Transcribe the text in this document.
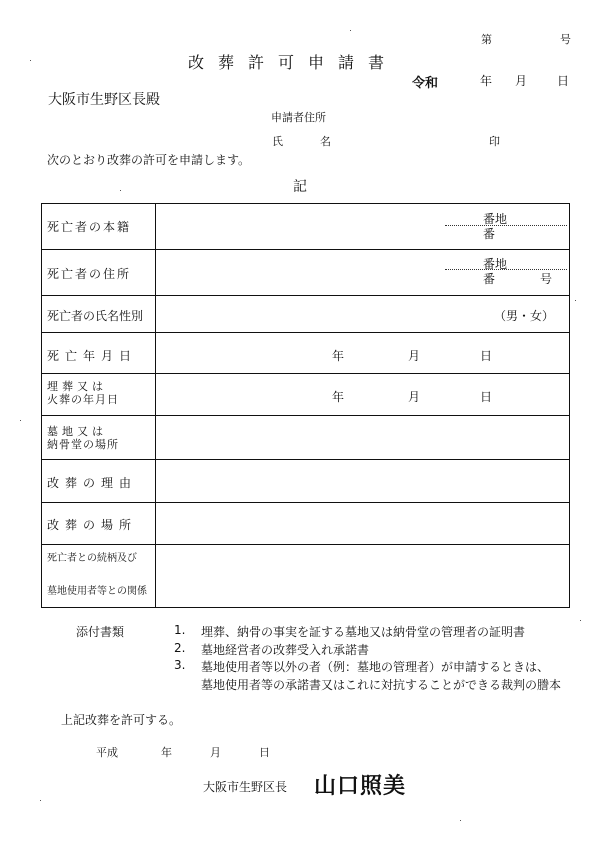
第	号
改葬許可申請書
令和	年 月 日
大阪市生野区長殿
申請者住所
氏	名	印
次のとおり改葬の許可を申請します。
記
死亡者の本籍
番地
番
死亡者の住所
番地
番	号
死亡者の氏名性別	（男・女）
死亡年月日	年	月	日
埋葬又は
火葬の年月日	年	月	日
墓地又は
納骨堂の場所
改葬の理由
改葬の場所
死亡者との続柄及び
墓地使用者等との関係
添付書類	1. 埋葬、納骨の事実を証する墓地又は納骨堂の管理者の証明書
2. 墓地経営者の改葬受入れ承諾書
3. 墓地使用者等以外の者（例：墓地の管理者）が申請するときは、
墓地使用者等の承諾書又はこれに対抗することができる裁判の謄本
上記改葬を許可する。
平成	年	月	日
大阪市生野区長 山口照美
